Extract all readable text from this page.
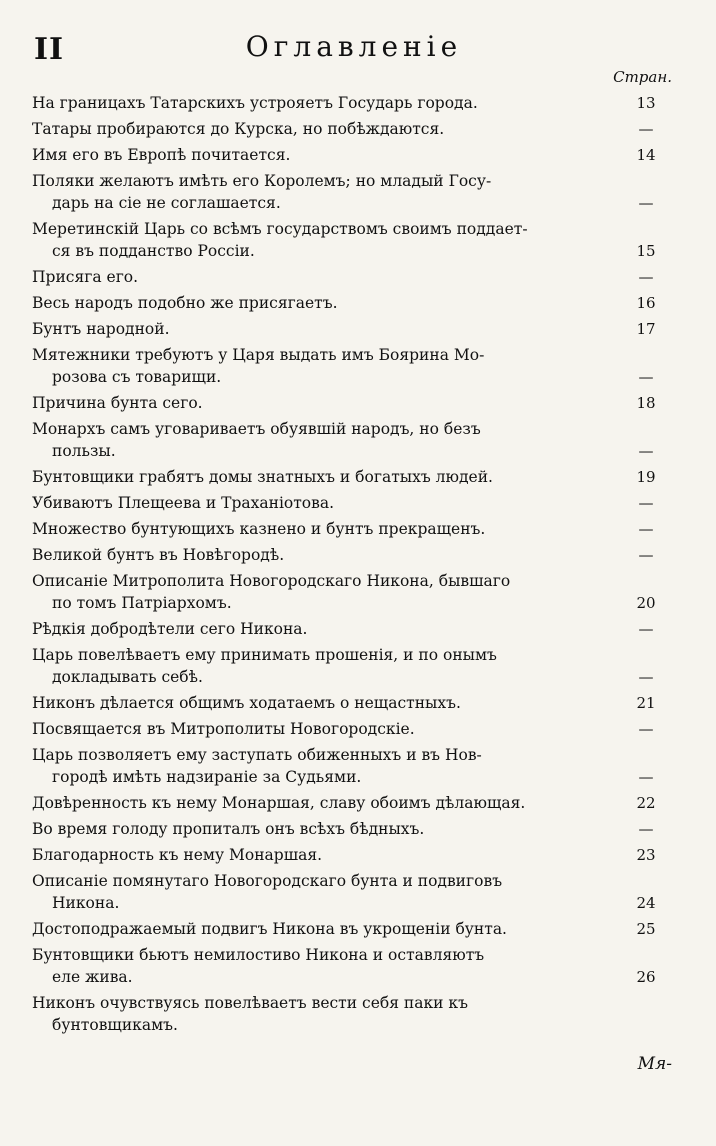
II	Оглавленіе
Стран.
На границахъ Татарскихъ устрояетъ Государь города.	13
Татары пробираются до Курска, но побѣждаются.	—
Имя его въ Европѣ почитается.	14
Поляки желаютъ имѣть его Королемъ; но младый Госу-
дарь на сіе не соглашается.	—
Меретинскій Царь со всѣмъ государствомъ своимъ поддает-
ся въ подданство Россіи.	15
Присяга его.	—
Весь народъ подобно же присягаетъ.	16
Бунтъ народной.	17
Мятежники требуютъ у Царя выдать имъ Боярина Мо-
розова съ товарищи.	—
Причина бунта сего.	18
Монархъ самъ уговариваетъ обуявшій народъ, но безъ
пользы.	—
Бунтовщики грабятъ домы знатныхъ и богатыхъ людей.	19
Убиваютъ Плещеева и Траханіотова.	—
Множество бунтующихъ казнено и бунтъ прекращенъ.	—
Великой бунтъ въ Новѣгородѣ.	—
Описаніе Митрополита Новогородскаго Никона, бывшаго
по томъ Патріархомъ.	20
Рѣдкія добродѣтели сего Никона.	—
Царь повелѣваетъ ему принимать прошенія, и по онымъ
докладывать себѣ.	—
Никонъ дѣлается общимъ ходатаемъ о нещастныхъ.	21
Посвящается въ Митрополиты Новогородскіе.	—
Царь позволяетъ ему заступать обиженныхъ и въ Нов-
городѣ имѣть надзираніе за Судьями.	—
Довѣренность къ нему Монаршая, славу обоимъ дѣлающая.	22
Во время голоду пропиталъ онъ всѣхъ бѣдныхъ.	—
Благодарность къ нему Монаршая.	23
Описаніе помянутаго Новогородскаго бунта и подвиговъ
Никона.	24
Достоподражаемый подвигъ Никона въ укрощеніи бунта.	25
Бунтовщики бьютъ немилостиво Никона и оставляютъ
еле жива.	26
Никонъ очувствуясь повелѣваетъ вести себя паки къ
бунтовщикамъ.
Мя-
